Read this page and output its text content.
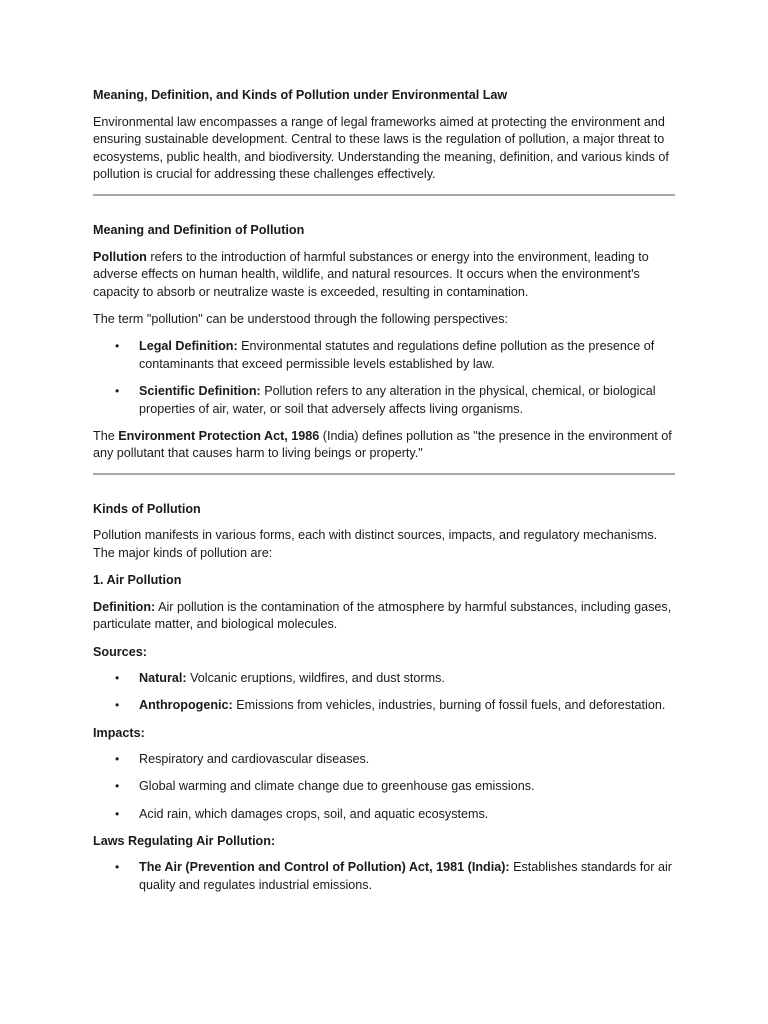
Meaning, Definition, and Kinds of Pollution under Environmental Law

Environmental law encompasses a range of legal frameworks aimed at protecting the environment and ensuring sustainable development. Central to these laws is the regulation of pollution, a major threat to ecosystems, public health, and biodiversity. Understanding the meaning, definition, and various kinds of pollution is crucial for addressing these challenges effectively.

Meaning and Definition of Pollution

Pollution refers to the introduction of harmful substances or energy into the environment, leading to adverse effects on human health, wildlife, and natural resources. It occurs when the environment's capacity to absorb or neutralize waste is exceeded, resulting in contamination.

The term "pollution" can be understood through the following perspectives:

• Legal Definition: Environmental statutes and regulations define pollution as the presence of contaminants that exceed permissible levels established by law.
• Scientific Definition: Pollution refers to any alteration in the physical, chemical, or biological properties of air, water, or soil that adversely affects living organisms.

The Environment Protection Act, 1986 (India) defines pollution as "the presence in the environment of any pollutant that causes harm to living beings or property."

Kinds of Pollution

Pollution manifests in various forms, each with distinct sources, impacts, and regulatory mechanisms. The major kinds of pollution are:

1. Air Pollution

Definition: Air pollution is the contamination of the atmosphere by harmful substances, including gases, particulate matter, and biological molecules.

Sources:

• Natural: Volcanic eruptions, wildfires, and dust storms.
• Anthropogenic: Emissions from vehicles, industries, burning of fossil fuels, and deforestation.

Impacts:

• Respiratory and cardiovascular diseases.
• Global warming and climate change due to greenhouse gas emissions.
• Acid rain, which damages crops, soil, and aquatic ecosystems.

Laws Regulating Air Pollution:

• The Air (Prevention and Control of Pollution) Act, 1981 (India): Establishes standards for air quality and regulates industrial emissions.
